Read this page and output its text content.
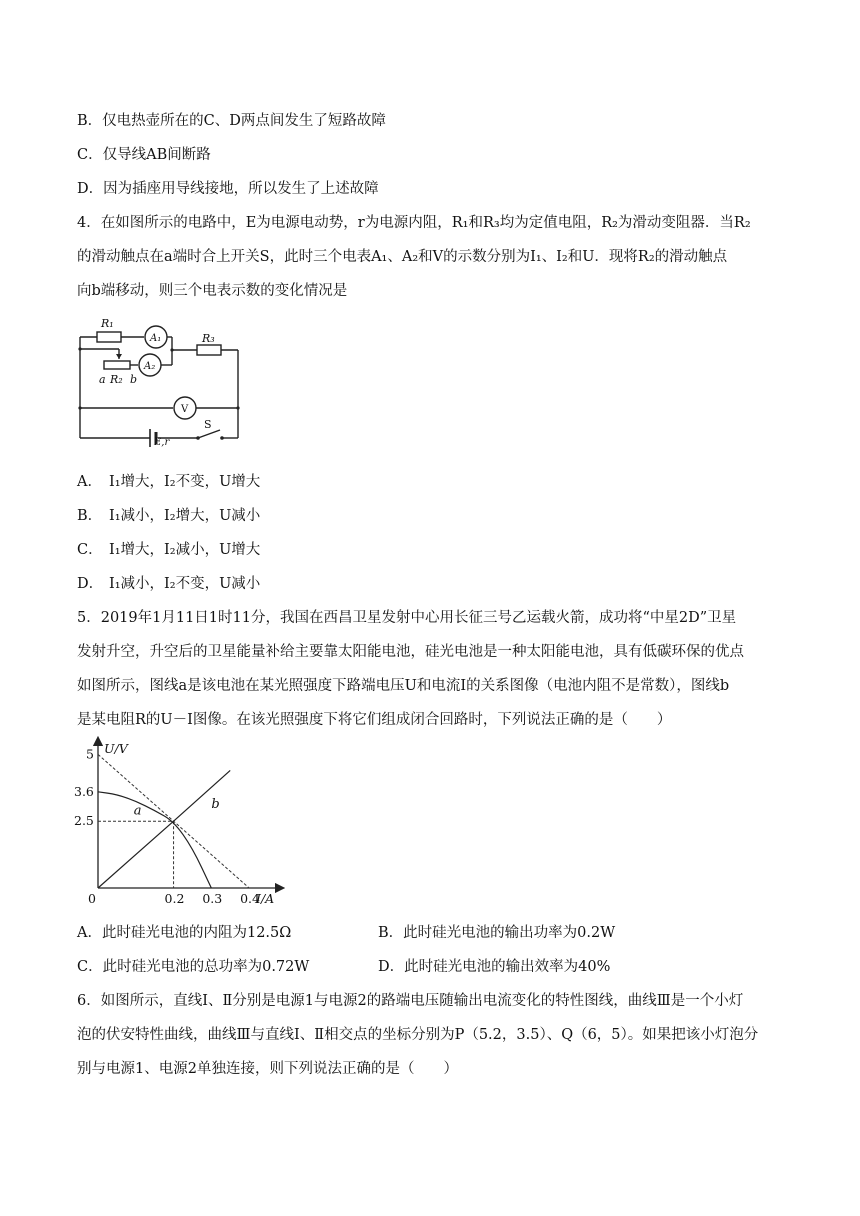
B．仅电热壶所在的C、D两点间发生了短路故障
C．仅导线AB间断路
D．因为插座用导线接地，所以发生了上述故障
4．在如图所示的电路中，E为电源电动势，r为电源内阻，R₁和R₃均为定值电阻，R₂为滑动变阻器．当R₂
的滑动触点在a端时合上开关S，此时三个电表A₁、A₂和V的示数分别为I₁、I₂和U．现将R₂的滑动触点
向b端移动，则三个电表示数的变化情况是
R₁
A₁	R₃
A₂
a R₂ b
V
S
E,r
A． I₁增大，I₂不变，U增大
B． I₁减小，I₂增大，U减小
C． I₁增大，I₂减小，U增大
D． I₁减小，I₂不变，U减小
5．2019年1月11日1时11分，我国在西昌卫星发射中心用长征三号乙运载火箭，成功将“中星2D”卫星
发射升空，升空后的卫星能量补给主要靠太阳能电池，硅光电池是一种太阳能电池，具有低碳环保的优点
如图所示，图线a是该电池在某光照强度下路端电压U和电流I的关系图像（电池内阻不是常数），图线b
是某电阻R的U－I图像。在该光照强度下将它们组成闭合回路时，下列说法正确的是（　　）
a	b
0.2 0.3 0.4
2.5
3.6
5 U/V
I/A
0
A．此时硅光电池的内阻为12.5Ω	B．此时硅光电池的输出功率为0.2W
C．此时硅光电池的总功率为0.72W	D．此时硅光电池的输出效率为40%
6．如图所示，直线Ⅰ、Ⅱ分别是电源1与电源2的路端电压随输出电流变化的特性图线，曲线Ⅲ是一个小灯
泡的伏安特性曲线，曲线Ⅲ与直线Ⅰ、Ⅱ相交点的坐标分别为P（5.2，3.5）、Q（6，5）。如果把该小灯泡分
别与电源1、电源2单独连接，则下列说法正确的是（　　）
